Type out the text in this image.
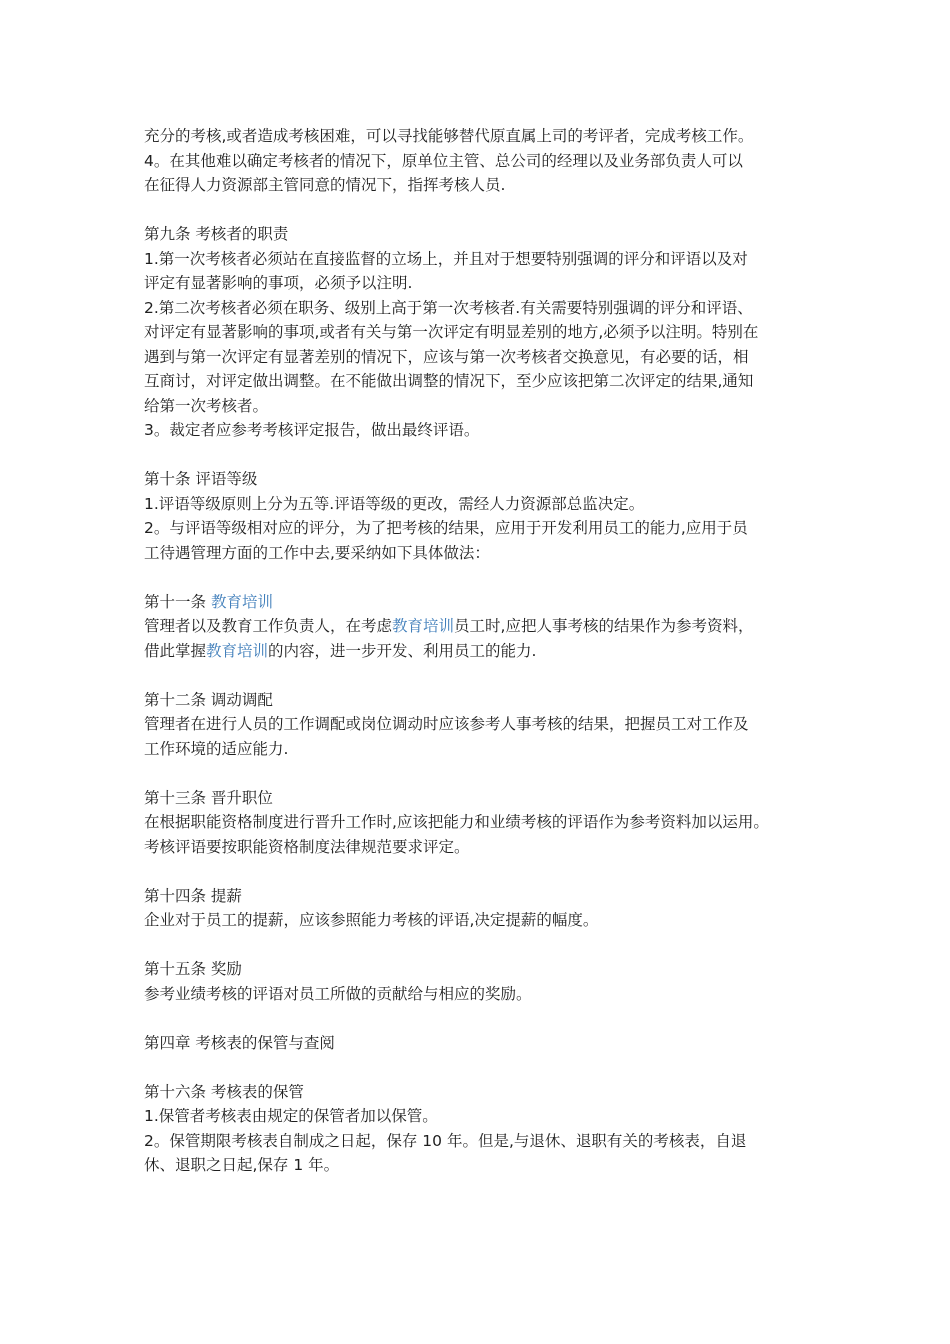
充分的考核,或者造成考核困难，可以寻找能够替代原直属上司的考评者，完成考核工作。
4。在其他难以确定考核者的情况下，原单位主管、总公司的经理以及业务部负责人可以
在征得人力资源部主管同意的情况下，指挥考核人员.
第九条 考核者的职责
1.第一次考核者必须站在直接监督的立场上，并且对于想要特别强调的评分和评语以及对
评定有显著影响的事项，必须予以注明.
2.第二次考核者必须在职务、级别上高于第一次考核者.有关需要特别强调的评分和评语、
对评定有显著影响的事项,或者有关与第一次评定有明显差别的地方,必须予以注明。特别在
遇到与第一次评定有显著差别的情况下，应该与第一次考核者交换意见，有必要的话，相
互商讨，对评定做出调整。在不能做出调整的情况下，至少应该把第二次评定的结果,通知
给第一次考核者。
3。裁定者应参考考核评定报告，做出最终评语。
第十条 评语等级
1.评语等级原则上分为五等.评语等级的更改，需经人力资源部总监决定。
2。与评语等级相对应的评分，为了把考核的结果，应用于开发利用员工的能力,应用于员
工待遇管理方面的工作中去,要采纳如下具体做法：
第十一条 教育培训
管理者以及教育工作负责人，在考虑教育培训员工时,应把人事考核的结果作为参考资料，
借此掌握教育培训的内容，进一步开发、利用员工的能力.
第十二条 调动调配
管理者在进行人员的工作调配或岗位调动时应该参考人事考核的结果，把握员工对工作及
工作环境的适应能力.
第十三条 晋升职位
在根据职能资格制度进行晋升工作时,应该把能力和业绩考核的评语作为参考资料加以运用。
考核评语要按职能资格制度法律规范要求评定。
第十四条 提薪
企业对于员工的提薪，应该参照能力考核的评语,决定提薪的幅度。
第十五条 奖励
参考业绩考核的评语对员工所做的贡献给与相应的奖励。
第四章 考核表的保管与查阅
第十六条 考核表的保管
1.保管者考核表由规定的保管者加以保管。
2。保管期限考核表自制成之日起，保存 10 年。但是,与退休、退职有关的考核表，自退
休、退职之日起,保存 1 年。
